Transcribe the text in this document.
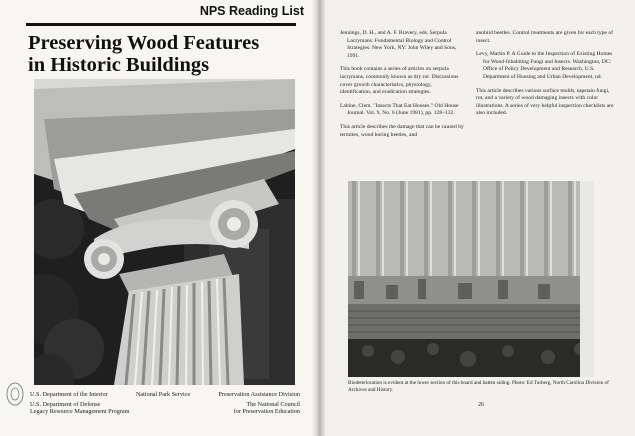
NPS Reading List
Preserving Wood Features
in Historic Buildings
U.S. Department of the Interior	National Park Service	Preservation Assistance Division
U.S. Department of Defense
Legacy Resource Management Program
The National Council
for Preservation Education

Jennings, D. H., and A. F. Bravery, eds. Serpula Lacrymans: Fundamental Biology and Control Strategies. New York, NY: John Wiley and Sons, 1991.

This book contains a series of articles on serpula lacrymans, commonly known as dry rot. Discussions cover growth characteristics, physiology, identification, and eradication strategies.

Labine, Clem. "Insects That Eat Houses." Old House Journal. Vol. 9, No. 6 (June 1981), pp. 128–132.

This article describes the damage that can be caused by termites, wood boring beetles, and

anobiid beetles. Control treatments are given for each type of insect.

Levy, Martin P. A Guide to the Inspection of Existing Homes for Wood-Inhabiting Fungi and Insects. Washington, DC: Office of Policy Development and Research, U.S. Department of Housing and Urban Development, nd.

This article describes various surface molds, sapstain fungi, rot, and a variety of wood damaging insects with color illustrations. A series of very helpful inspection checklists are also included.

Biodeterioration is evident at the lower section of this board and batten siding. Photo: Ed Turberg, North Carolina Division of Archives and History.

26
